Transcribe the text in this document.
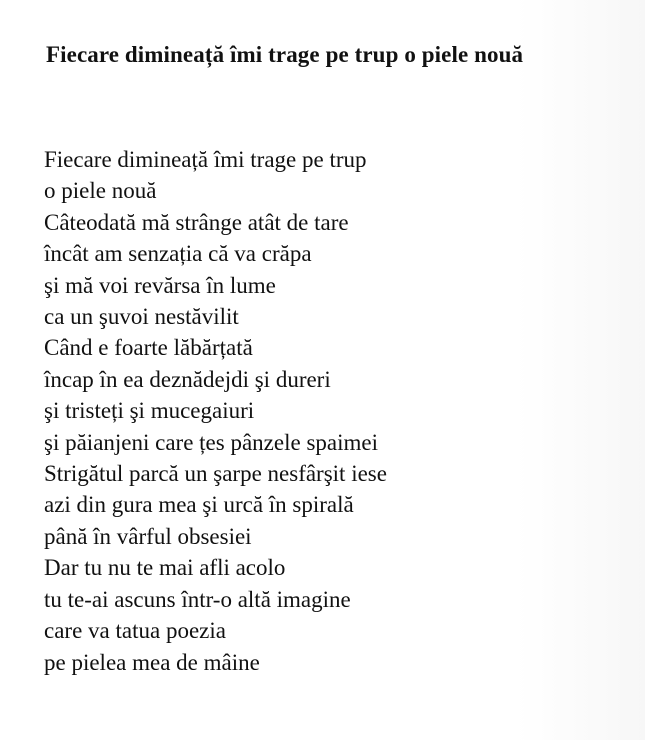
Fiecare dimineață îmi trage pe trup o piele nouă
Fiecare dimineață îmi trage pe trup
o piele nouă
Câteodată mă strânge atât de tare
încât am senzația că va crăpa
şi mă voi revărsa în lume
ca un şuvoi nestăvilit
Când e foarte lăbărțată
încap în ea deznădejdi şi dureri
şi tristeți şi mucegaiuri
şi păianjeni care țes pânzele spaimei
Strigătul parcă un şarpe nesfârşit iese
azi din gura mea şi urcă în spirală
până în vârful obsesiei
Dar tu nu te mai afli acolo
tu te-ai ascuns într-o altă imagine
care va tatua poezia
pe pielea mea de mâine
